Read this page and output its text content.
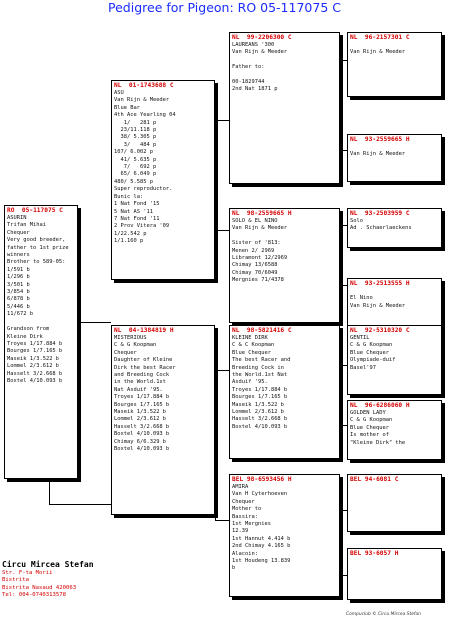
Pedigree for Pigeon: RO 05-117075 C
RO  05-117075 C
ASURIN
Trifan Mihai
Chequer
Very good breeder,
father to 1st prize
winners
Brother to 589-05:
1/591 b
1/296 b
3/501 b
3/854 b
6/878 b
5/446 b
11/672 b

Grandson from
Kleine Dirk
Troyes 1/17.884 b
Bourges 1/7.165 b
Maseik 1/3.522 b
Lommel 2/3.612 b
Hasselt 3/2.668 b
Boxtel 4/10.093 b
NL  01-1743688 C
ASU
Van Rijn & Meeder
Blue Bar
4th Ace Yearling 04
1/   281 p
23/11.118 p
38/ 5.305 p
3/   484 p
107/ 6.002 p
41/ 5.635 p
7/   692 p
65/ 6.049 p
480/ 5.585 p
Super reproductor.
Bunic la:
1 Nat Fond '15
5 Nat AS '11
7 Nat Fond '11
2 Prov Vitera '09
1/22.542 p
1/1.160 p
NL  04-1384819 H
MISTERIOUS
C & G Koopman
Chequer
Daughter of Kleine
Dirk the best Racer
and Breeding Cock
in the World.1st
Nat Asduif '95.
Troyes 1/17.884 b
Bourges 1/7.165 b
Maseik 1/3.522 b
Lommel 2/3.612 b
Hasselt 3/2.668 b
Boxtel 4/10.093 b
Chimay 6/6.329 b
Boxtel 4/10.093 b
NL  99-2206300 C
LAUREANS '300
Van Rijn & Meeder

Father to:

00-1829744
2nd Nat 1871 p
NL  98-2559665 H
SOLO & EL NINO
Van Rijn & Meeder

Sister of '813:
Menen 2/ 2969
Libramont 12/2969
Chimay 13/6588
Chimay 70/6049
Mergnies 71/4378
NL  98-5821416 C
KLEINE DIRK
C & C Koopman
Blue Chequer
The best Racer and
Breeding Cock in
the World.1st Nat
Asduif '95.
Troyes 1/17.884 b
Bourges 1/7.165 b
Maseik 1/3.522 b
Lommel 2/3.612 b
Hasselt 3/2.668 b
Boxtel 4/10.093 b
BEL 98-6593456 H
AMIRA
Van H Cyterhoeven
Chequer
Mother to
Bassira:
1st Mergnies
12.39
1st Hannut 4.414 b
2nd Chimay 4.165 b
Alacoin:
1st Houdeng 13.839
b
NL  96-2157301 C

Van Rijn & Meeder
NL  93-2559665 H

Van Rijn & Meeder
NL  93-2503959 C
Solo
Ad . Schaerlaeckens
NL  93-2513555 H

El Nino
Van Rijn & Meeder
NL  92-5310320 C
GENTIL
C & G Koopman
Blue Chequer
Olympiade-duif
Basel'97
NL  96-6286060 H
GOLDEN LADY
C & G Koopman
Blue Chequer
Is mother of
"Kleine Dirk" the
BEL 94-6081 C
BEL 93-6057 H
Circu Mircea Stefan
Str. F-ta Morii
Bistrita
Bistrita Nasaud 420063
Tel: 004-0740313578
Compuclub © Circu Mircea Stefan
